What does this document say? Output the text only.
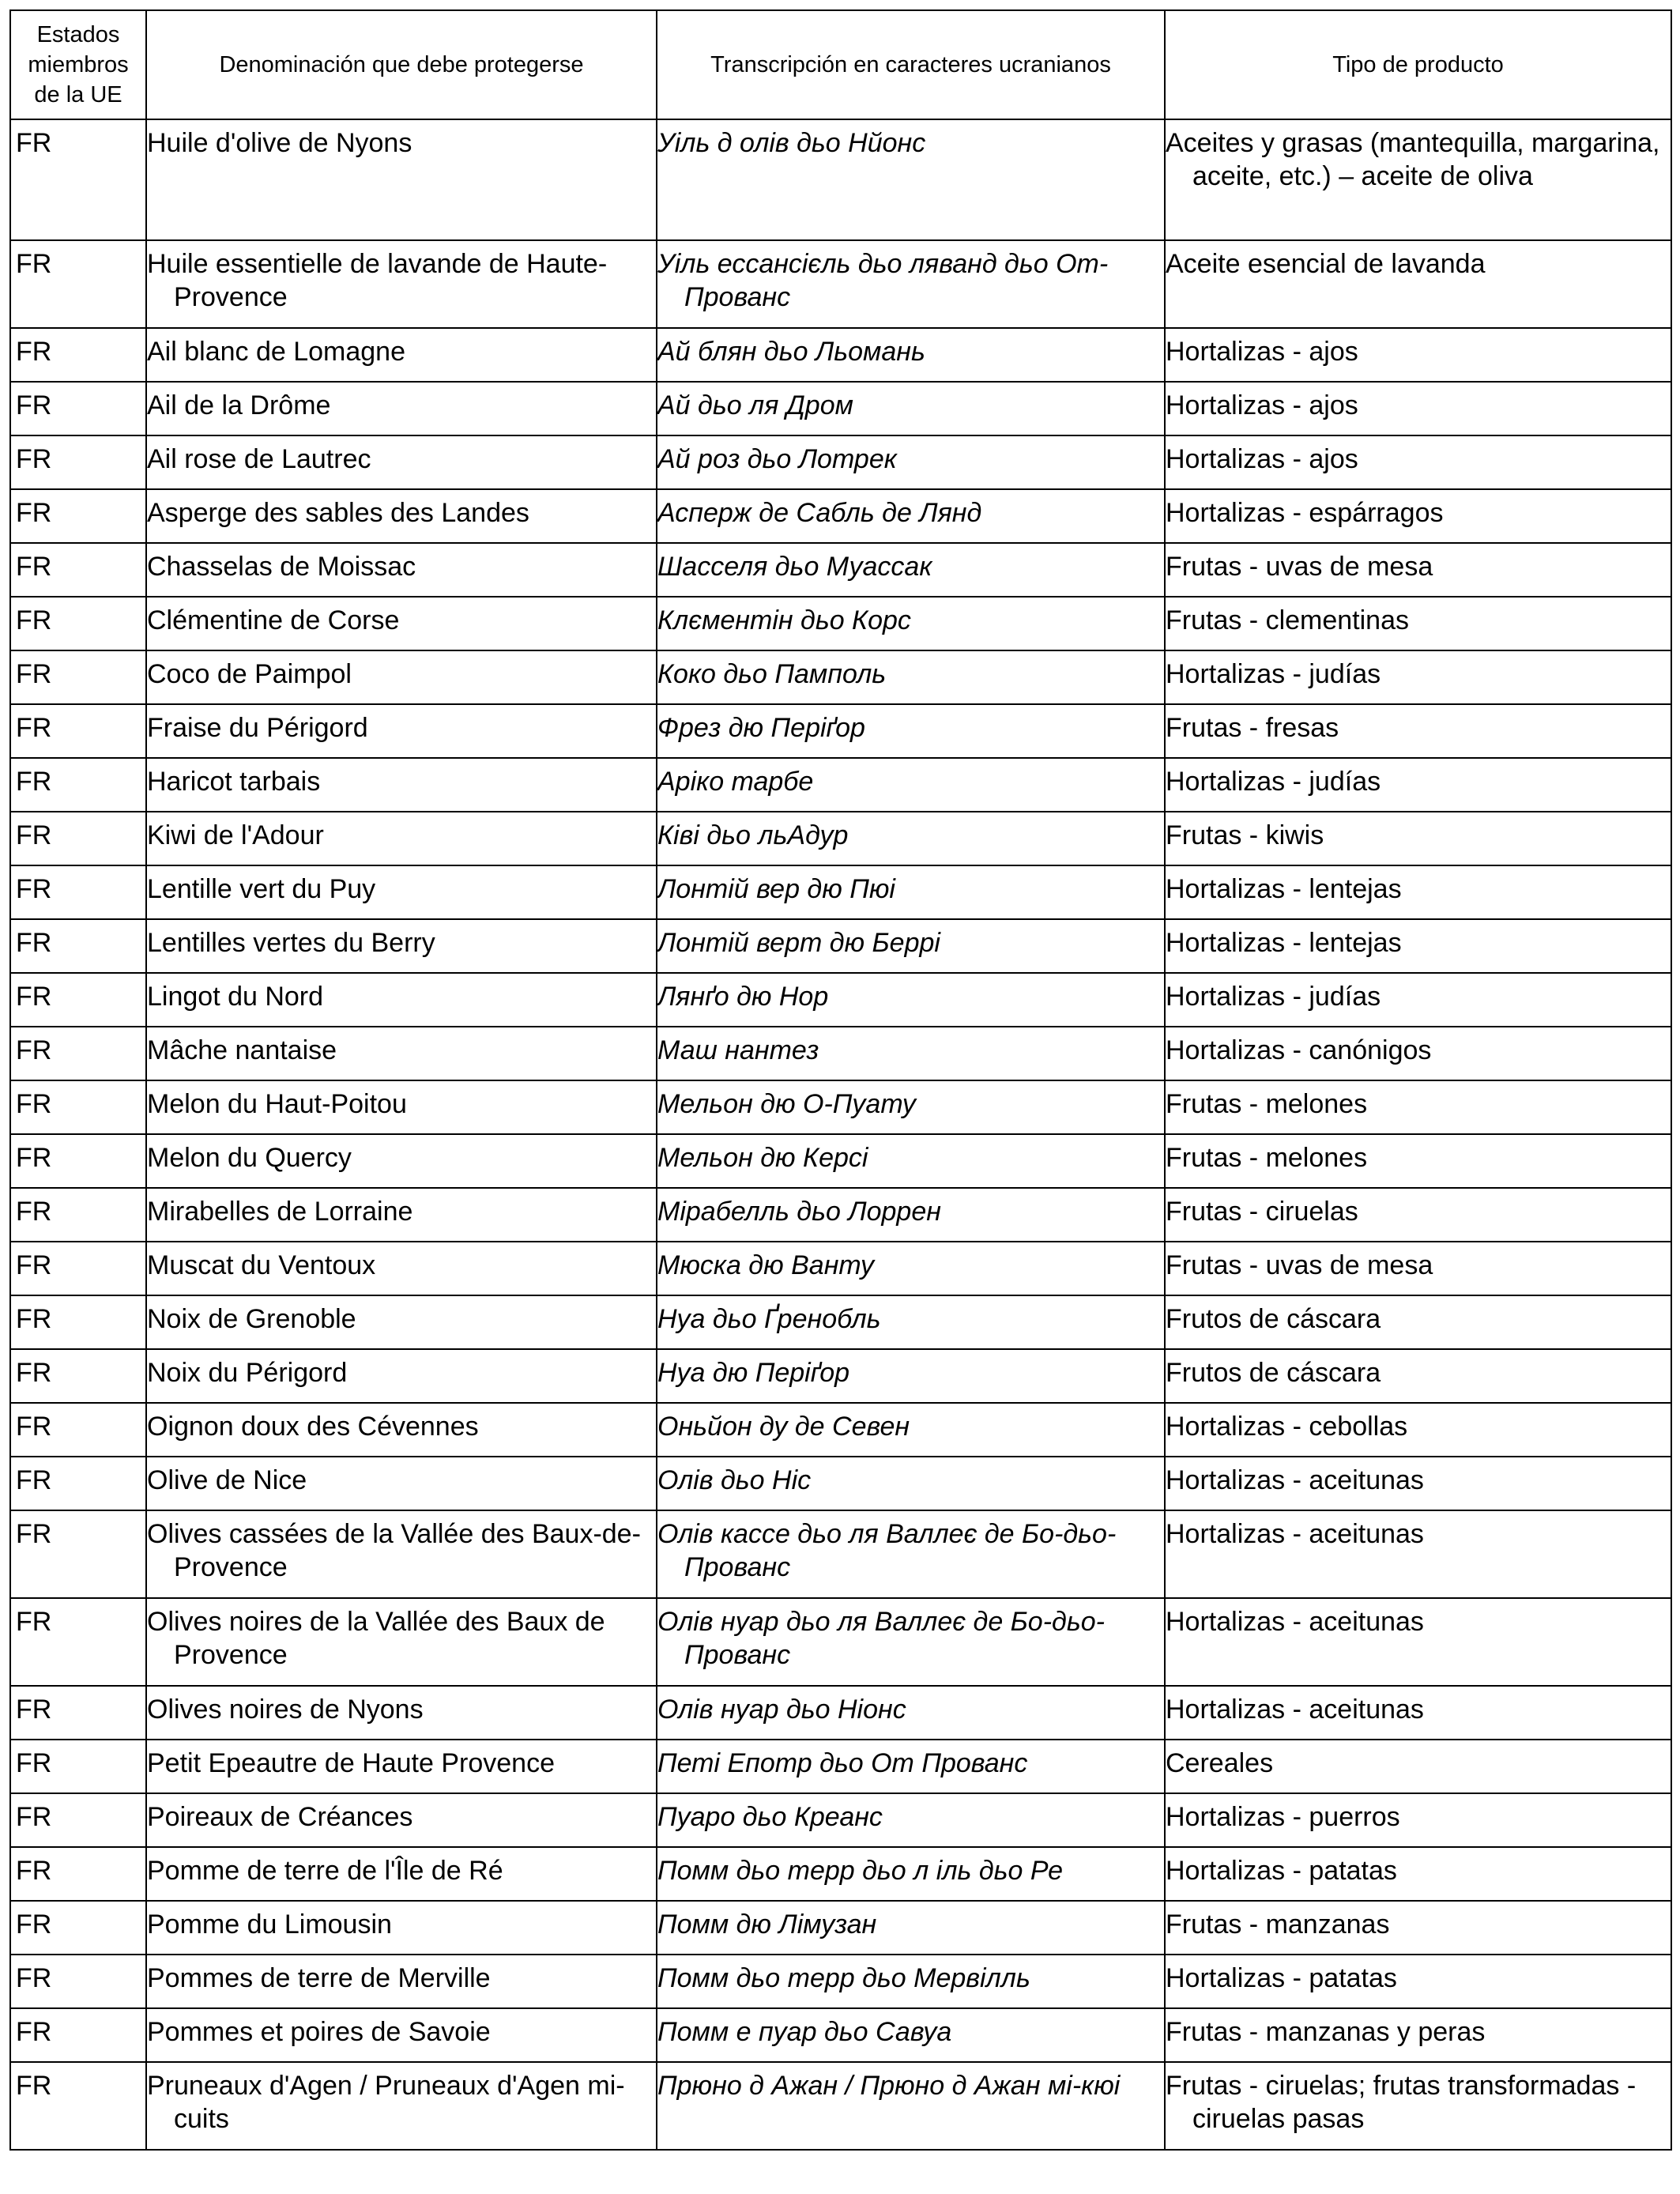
Estados miembros de la UE	Denominación que debe protegerse	Transcripción en caracteres ucranianos	Tipo de producto
FR	Huile d'olive de Nyons	Уіль д олів дьо Нйонс	Aceites y grasas (mantequilla, margarina, aceite, etc.) – aceite de oliva
FR	Huile essentielle de lavande de Haute-Provence	Уіль ессансієль дьо ляванд дьо От-Прованс	Aceite esencial de lavanda
FR	Ail blanc de Lomagne	Ай блян дьо Льомань	Hortalizas - ajos
FR	Ail de la Drôme	Ай дьо ля Дром	Hortalizas - ajos
FR	Ail rose de Lautrec	Ай роз дьо Лотрек	Hortalizas - ajos
FR	Asperge des sables des Landes	Асперж де Сабль де Лянд	Hortalizas - espárragos
FR	Chasselas de Moissac	Шасселя дьо Муассак	Frutas - uvas de mesa
FR	Clémentine de Corse	Клєментін дьо Корс	Frutas - clementinas
FR	Coco de Paimpol	Коко дьо Памполь	Hortalizas - judías
FR	Fraise du Périgord	Фрез дю Періґор	Frutas - fresas
FR	Haricot tarbais	Аріко тарбе	Hortalizas - judías
FR	Kiwi de l'Adour	Ківі дьо льАдур	Frutas - kiwis
FR	Lentille vert du Puy	Лонтій вер дю Пюі	Hortalizas - lentejas
FR	Lentilles vertes du Berry	Лонтій верт дю Беррі	Hortalizas - lentejas
FR	Lingot du Nord	Лянґо дю Нор	Hortalizas - judías
FR	Mâche nantaise	Маш нантез	Hortalizas - canónigos
FR	Melon du Haut-Poitou	Мельон дю О-Пуату	Frutas - melones
FR	Melon du Quercy	Мельон дю Керсі	Frutas - melones
FR	Mirabelles de Lorraine	Мірабелль дьо Лоррен	Frutas - ciruelas
FR	Muscat du Ventoux	Мюска дю Ванту	Frutas - uvas de mesa
FR	Noix de Grenoble	Нуа дьо Ґренобль	Frutos de cáscara
FR	Noix du Périgord	Нуа дю Періґор	Frutos de cáscara
FR	Oignon doux des Cévennes	Оньйон ду де Севен	Hortalizas - cebollas
FR	Olive de Nice	Олів дьо Ніс	Hortalizas - aceitunas
FR	Olives cassées de la Vallée des Baux-de-Provence	Олів кассе дьо ля Валлеє де Бо-дьо-Прованс	Hortalizas - aceitunas
FR	Olives noires de la Vallée des Baux de Provence	Олів нуар дьо ля Валлеє де Бо-дьо-Прованс	Hortalizas - aceitunas
FR	Olives noires de Nyons	Олів нуар дьо Ніонс	Hortalizas - aceitunas
FR	Petit Epeautre de Haute Provence	Петі Епотр дьо От Прованс	Cereales
FR	Poireaux de Créances	Пуаро дьо Креанс	Hortalizas - puerros
FR	Pomme de terre de l'Île de Ré	Помм дьо терр дьо л іль дьо Ре	Hortalizas - patatas
FR	Pomme du Limousin	Помм дю Лімузан	Frutas - manzanas
FR	Pommes de terre de Merville	Помм дьо терр дьо Мервілль	Hortalizas - patatas
FR	Pommes et poires de Savoie	Помм е пуар дьо Савуа	Frutas - manzanas y peras
FR	Pruneaux d'Agen / Pruneaux d'Agen mi-cuits	Прюно д Ажан / Прюно д Ажан мі-кюі	Frutas - ciruelas; frutas transformadas - ciruelas pasas
